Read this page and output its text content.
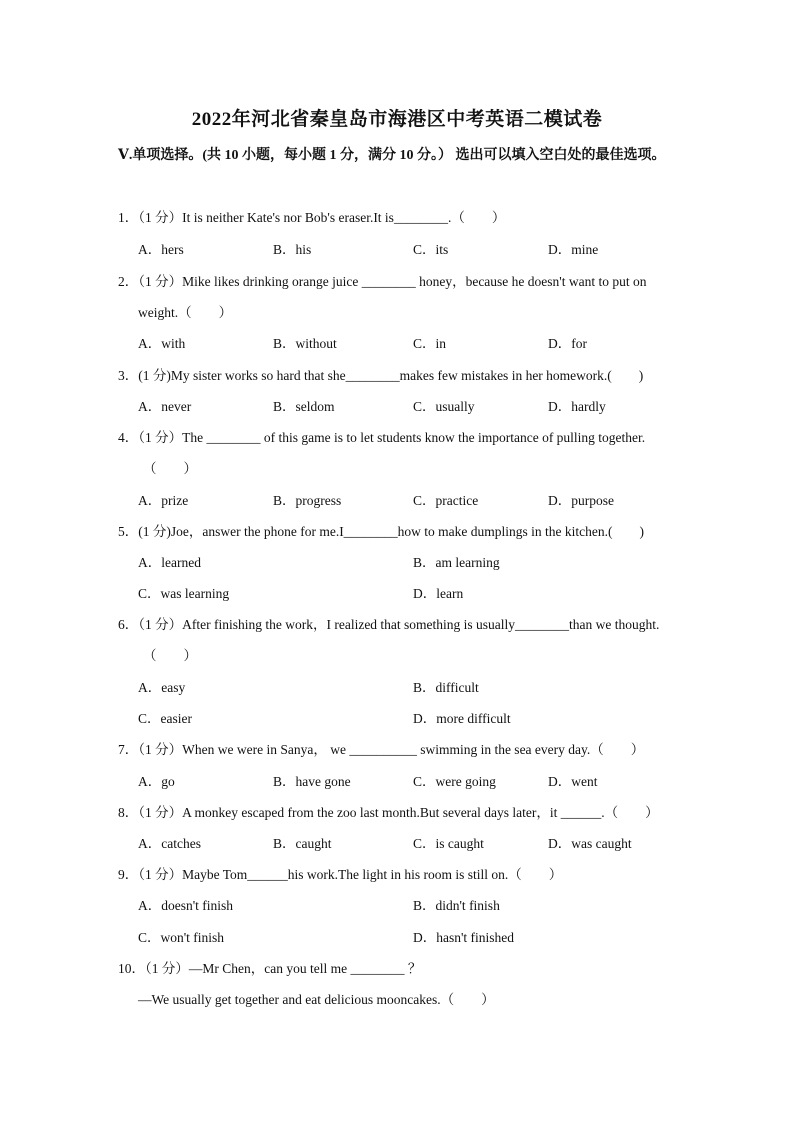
2022年河北省秦皇岛市海港区中考英语二模试卷
Ⅴ.单项选择。(共 10 小题，每小题 1 分，满分 10 分。） 选出可以填入空白处的最佳选项。
1．（1 分）It is neither Kate's nor Bob's eraser.It is________.（　　）
A．hers	B．his	C．its	D．mine
2．（1 分）Mike likes drinking orange juice ________ honey，because he doesn't want to put on
weight.（　　）
A．with	B．without	C．in	D．for
3．(1 分)My sister works so hard that she________makes few mistakes in her homework.(　　)
A．never	B．seldom	C．usually	D．hardly
4．（1 分）The ________ of this game is to let students know the importance of pulling together.
（　　）
A．prize	B．progress	C．practice	D．purpose
5．(1 分)Joe，answer the phone for me.I________how to make dumplings in the kitchen.(　　)
A．learned	B．am learning
C．was learning	D．learn
6．（1 分）After finishing the work，I realized that something is usually________than we thought.
（　　）
A．easy	B．difficult
C．easier	D．more difficult
7．（1 分）When we were in Sanya， we __________ swimming in the sea every day.（　　）
A．go	B．have gone	C．were going	D．went
8．（1 分）A monkey escaped from the zoo last month.But several days later，it ______.（　　）
A．catches	B．caught	C．is caught	D．was caught
9．（1 分）Maybe Tom______his work.The light in his room is still on.（　　）
A．doesn't finish	B．didn't finish
C．won't finish	D．hasn't finished
10．（1 分）—Mr Chen，can you tell me ________ ？
—We usually get together and eat delicious mooncakes.（　　）
